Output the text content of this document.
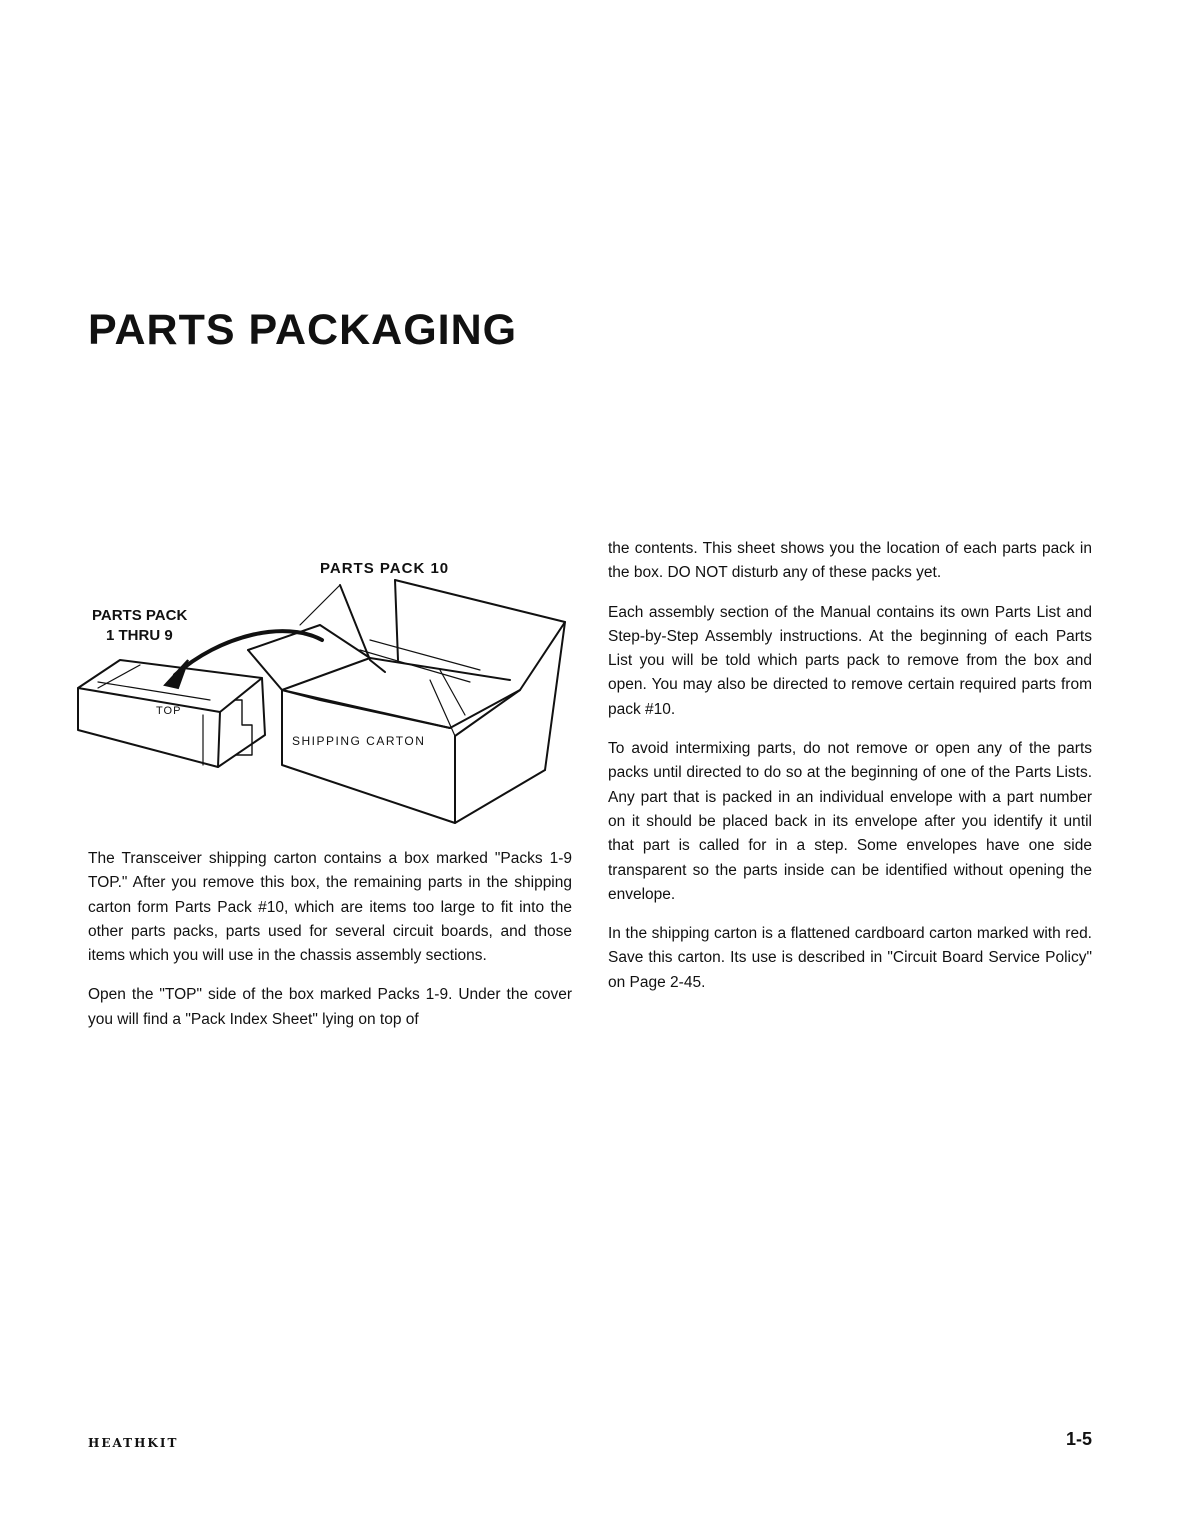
PARTS PACKAGING
PARTS PACK 10
PARTS PACK
1 THRU 9
TOP
SHIPPING CARTON

The Transceiver shipping carton contains a box marked "Packs 1-9 TOP." After you remove this box, the remaining parts in the shipping carton form Parts Pack #10, which are items too large to fit into the other parts packs, parts used for several circuit boards, and those items which you will use in the chassis assembly sections.

Open the "TOP" side of the box marked Packs 1-9. Under the cover you will find a "Pack Index Sheet" lying on top of

the contents. This sheet shows you the location of each parts pack in the box. DO NOT disturb any of these packs yet.

Each assembly section of the Manual contains its own Parts List and Step-by-Step Assembly instructions. At the beginning of each Parts List you will be told which parts pack to remove from the box and open. You may also be directed to remove certain required parts from pack #10.

To avoid intermixing parts, do not remove or open any of the parts packs until directed to do so at the beginning of one of the Parts Lists. Any part that is packed in an individual envelope with a part number on it should be placed back in its envelope after you identify it until that part is called for in a step. Some envelopes have one side transparent so the parts inside can be identified without opening the envelope.

In the shipping carton is a flattened cardboard carton marked with red. Save this carton. Its use is described in "Circuit Board Service Policy" on Page 2-45.

HEATHKIT	1-5
